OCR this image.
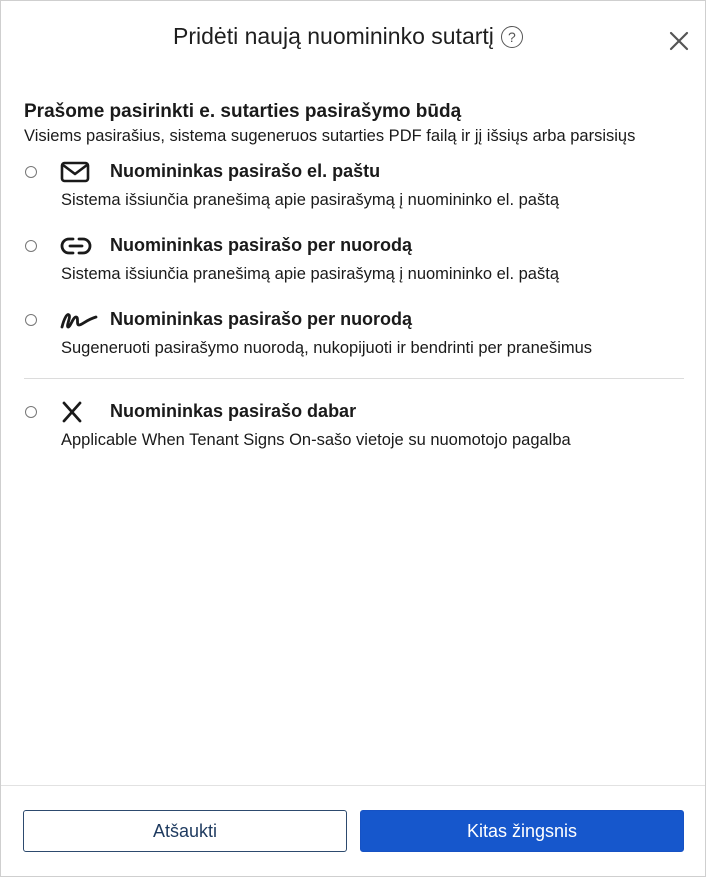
Pridėti naują nuomininko sutartį	?
Prašome pasirinkti e. sutarties pasirašymo būdą
Visiems pasirašius, sistema sugeneruos sutarties PDF failą ir jį išsiųs arba parsisiųs
Nuomininkas pasirašo el. paštu
Sistema išsiunčia pranešimą apie pasirašymą į nuomininko el. paštą
Nuomininkas pasirašo per nuorodą
Sistema išsiunčia pranešimą apie pasirašymą į nuomininko el. paštą
Nuomininkas pasirašo per nuorodą
Sugeneruoti pasirašymo nuorodą, nukopijuoti ir bendrinti per pranešimus
Nuomininkas pasirašo dabar
Applicable When Tenant Signs On-sašo vietoje su nuomotojo pagalba
Atšaukti	Kitas žingsnis
